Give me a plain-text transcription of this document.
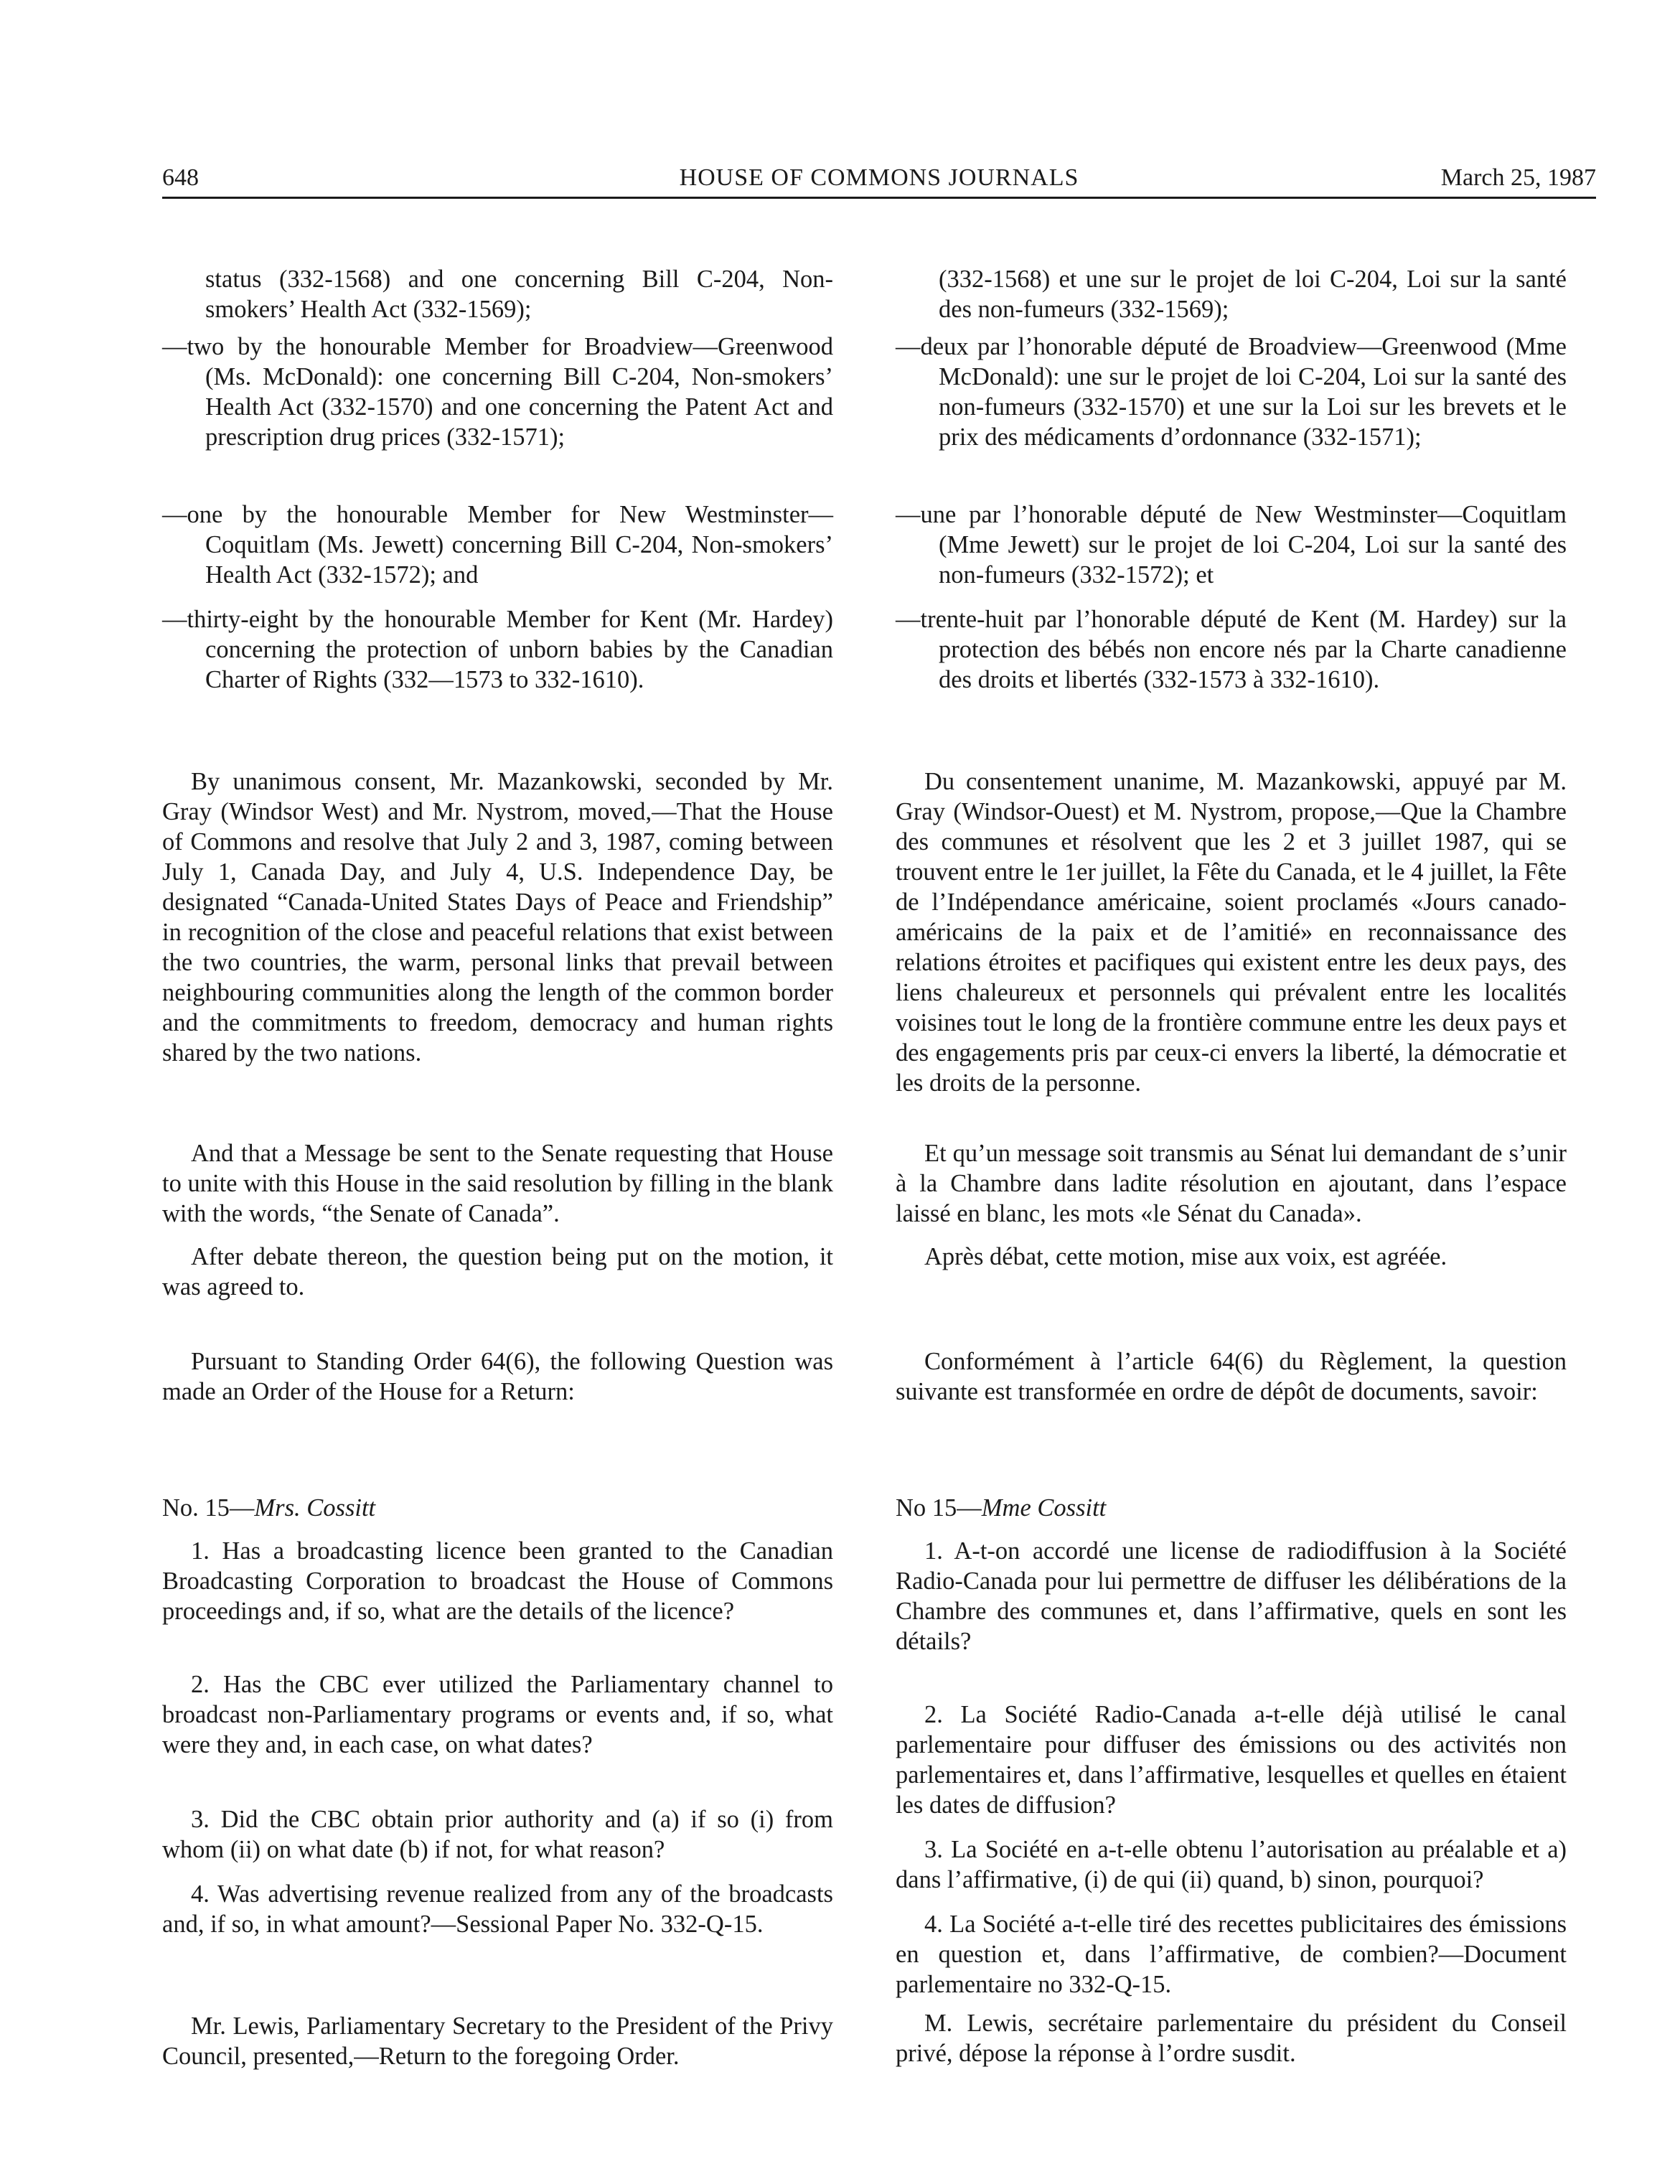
648	HOUSE OF COMMONS JOURNALS	March 25, 1987

status (332-1568) and one concerning Bill C-204, Non-smokers’ Health Act (332-1569);

—two by the honourable Member for Broadview—Greenwood (Ms. McDonald): one concerning Bill C-204, Non-smokers’ Health Act (332-1570) and one concerning the Patent Act and prescription drug prices (332-1571);

—one by the honourable Member for New Westminster—Coquitlam (Ms. Jewett) concerning Bill C-204, Non-smokers’ Health Act (332-1572); and

—thirty-eight by the honourable Member for Kent (Mr. Hardey) concerning the protection of unborn babies by the Canadian Charter of Rights (332—1573 to 332-1610).

By unanimous consent, Mr. Mazankowski, seconded by Mr. Gray (Windsor West) and Mr. Nystrom, moved,—That the House of Commons and resolve that July 2 and 3, 1987, coming between July 1, Canada Day, and July 4, U.S. Independence Day, be designated “Canada-United States Days of Peace and Friendship” in recognition of the close and peaceful relations that exist between the two countries, the warm, personal links that prevail between neighbouring communities along the length of the common border and the commitments to freedom, democracy and human rights shared by the two nations.

And that a Message be sent to the Senate requesting that House to unite with this House in the said resolution by filling in the blank with the words, “the Senate of Canada”.

After debate thereon, the question being put on the motion, it was agreed to.

Pursuant to Standing Order 64(6), the following Question was made an Order of the House for a Return:

No. 15—Mrs. Cossitt

1. Has a broadcasting licence been granted to the Canadian Broadcasting Corporation to broadcast the House of Commons proceedings and, if so, what are the details of the licence?

2. Has the CBC ever utilized the Parliamentary channel to broadcast non-Parliamentary programs or events and, if so, what were they and, in each case, on what dates?

3. Did the CBC obtain prior authority and (a) if so (i) from whom (ii) on what date (b) if not, for what reason?

4. Was advertising revenue realized from any of the broadcasts and, if so, in what amount?—Sessional Paper No. 332-Q-15.

Mr. Lewis, Parliamentary Secretary to the President of the Privy Council, presented,—Return to the foregoing Order.

(332-1568) et une sur le projet de loi C-204, Loi sur la santé des non-fumeurs (332-1569);

—deux par l’honorable député de Broadview—Greenwood (Mme McDonald): une sur le projet de loi C-204, Loi sur la santé des non-fumeurs (332-1570) et une sur la Loi sur les brevets et le prix des médicaments d’ordonnance (332-1571);

—une par l’honorable député de New Westminster—Coquitlam (Mme Jewett) sur le projet de loi C-204, Loi sur la santé des non-fumeurs (332-1572); et

—trente-huit par l’honorable député de Kent (M. Hardey) sur la protection des bébés non encore nés par la Charte canadienne des droits et libertés (332-1573 à 332-1610).

Du consentement unanime, M. Mazankowski, appuyé par M. Gray (Windsor-Ouest) et M. Nystrom, propose,—Que la Chambre des communes et résolvent que les 2 et 3 juillet 1987, qui se trouvent entre le 1er juillet, la Fête du Canada, et le 4 juillet, la Fête de l’Indépendance américaine, soient proclamés «Jours canado-américains de la paix et de l’amitié» en reconnaissance des relations étroites et pacifiques qui existent entre les deux pays, des liens chaleureux et personnels qui prévalent entre les localités voisines tout le long de la frontière commune entre les deux pays et des engagements pris par ceux-ci envers la liberté, la démocratie et les droits de la personne.

Et qu’un message soit transmis au Sénat lui demandant de s’unir à la Chambre dans ladite résolution en ajoutant, dans l’espace laissé en blanc, les mots «le Sénat du Canada».

Après débat, cette motion, mise aux voix, est agréée.

Conformément à l’article 64(6) du Règlement, la question suivante est transformée en ordre de dépôt de documents, savoir:

No 15—Mme Cossitt

1. A-t-on accordé une license de radiodiffusion à la Société Radio-Canada pour lui permettre de diffuser les délibérations de la Chambre des communes et, dans l’affirmative, quels en sont les détails?

2. La Société Radio-Canada a-t-elle déjà utilisé le canal parlementaire pour diffuser des émissions ou des activités non parlementaires et, dans l’affirmative, lesquelles et quelles en étaient les dates de diffusion?

3. La Société en a-t-elle obtenu l’autorisation au préalable et a) dans l’affirmative, (i) de qui (ii) quand, b) sinon, pourquoi?

4. La Société a-t-elle tiré des recettes publicitaires des émissions en question et, dans l’affirmative, de combien?—Document parlementaire no 332-Q-15.

M. Lewis, secrétaire parlementaire du président du Conseil privé, dépose la réponse à l’ordre susdit.
